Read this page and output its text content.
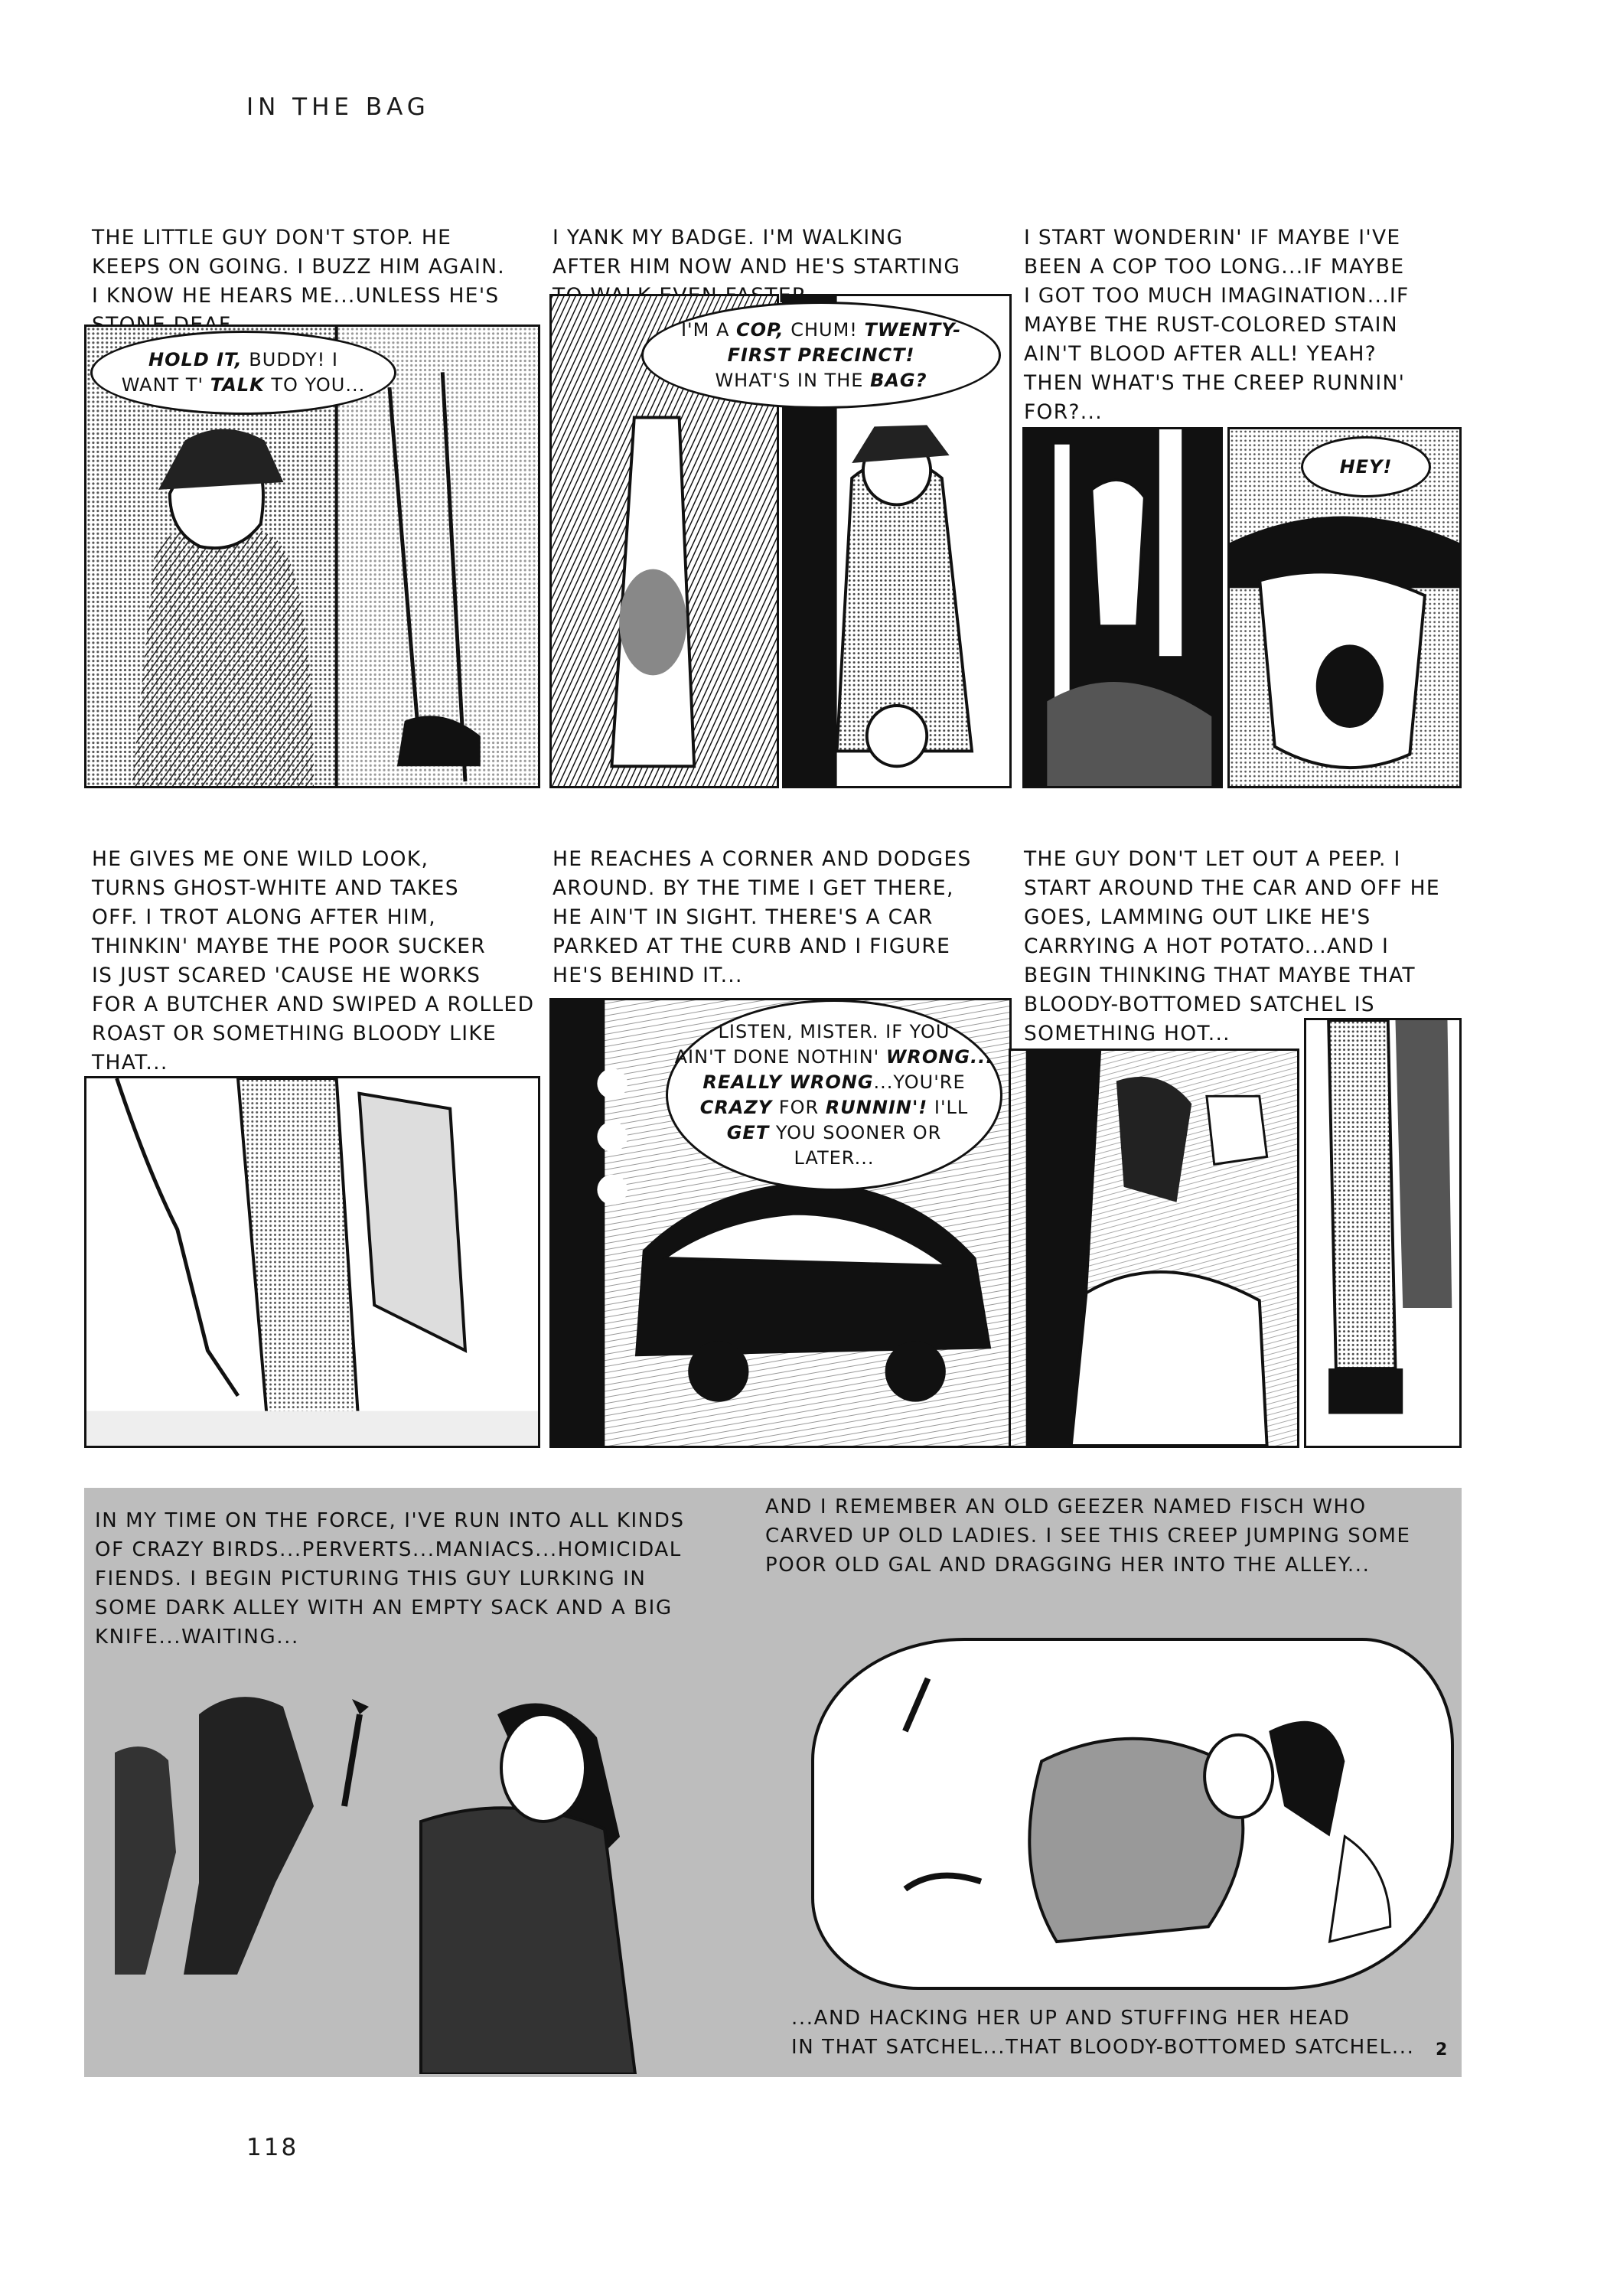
IN THE BAG
THE LITTLE GUY DON'T STOP. HE
KEEPS ON GOING. I BUZZ HIM AGAIN.
I KNOW HE HEARS ME...UNLESS HE'S
HOLD IT, BUDDY! I
WANT T' TALK TO YOU...
I YANK MY BADGE. I'M WALKING
AFTER HIM NOW AND HE'S STARTING
I'M A COP, CHUM! TWENTY-
FIRST PRECINCT!
WHAT'S IN THE BAG?
I START WONDERIN' IF MAYBE I'VE
BEEN A COP TOO LONG...IF MAYBE
I GOT TOO MUCH IMAGINATION...IF
MAYBE THE RUST-COLORED STAIN
AIN'T BLOOD AFTER ALL! YEAH?
THEN WHAT'S THE CREEP RUNNIN'
FOR?...
HEY!
HE GIVES ME ONE WILD LOOK,
TURNS GHOST-WHITE AND TAKES
OFF. I TROT ALONG AFTER HIM,
THINKIN' MAYBE THE POOR SUCKER
IS JUST SCARED 'CAUSE HE WORKS
FOR A BUTCHER AND SWIPED A ROLLED
ROAST OR SOMETHING BLOODY LIKE
THAT...
HE REACHES A CORNER AND DODGES
AROUND. BY THE TIME I GET THERE,
HE AIN'T IN SIGHT. THERE'S A CAR
PARKED AT THE CURB AND I FIGURE
HE'S BEHIND IT...
LISTEN, MISTER. IF YOU
AIN'T DONE NOTHIN' WRONG...
REALLY WRONG...YOU'RE
CRAZY FOR RUNNIN'! I'LL
GET YOU SOONER OR
LATER...
THE GUY DON'T LET OUT A PEEP. I
START AROUND THE CAR AND OFF HE
GOES, LAMMING OUT LIKE HE'S
CARRYING A HOT POTATO...AND I
BEGIN THINKING THAT MAYBE THAT
BLOODY-BOTTOMED SATCHEL IS
SOMETHING HOT...
IN MY TIME ON THE FORCE, I'VE RUN INTO ALL KINDS
OF CRAZY BIRDS...PERVERTS...MANIACS...HOMICIDAL
FIENDS. I BEGIN PICTURING THIS GUY LURKING IN
SOME DARK ALLEY WITH AN EMPTY SACK AND A BIG
KNIFE...WAITING...
AND I REMEMBER AN OLD GEEZER NAMED FISCH WHO
CARVED UP OLD LADIES. I SEE THIS CREEP JUMPING SOME
POOR OLD GAL AND DRAGGING HER INTO THE ALLEY...
...AND HACKING HER UP AND STUFFING HER HEAD
IN THAT SATCHEL...THAT BLOODY-BOTTOMED SATCHEL...	2
118
